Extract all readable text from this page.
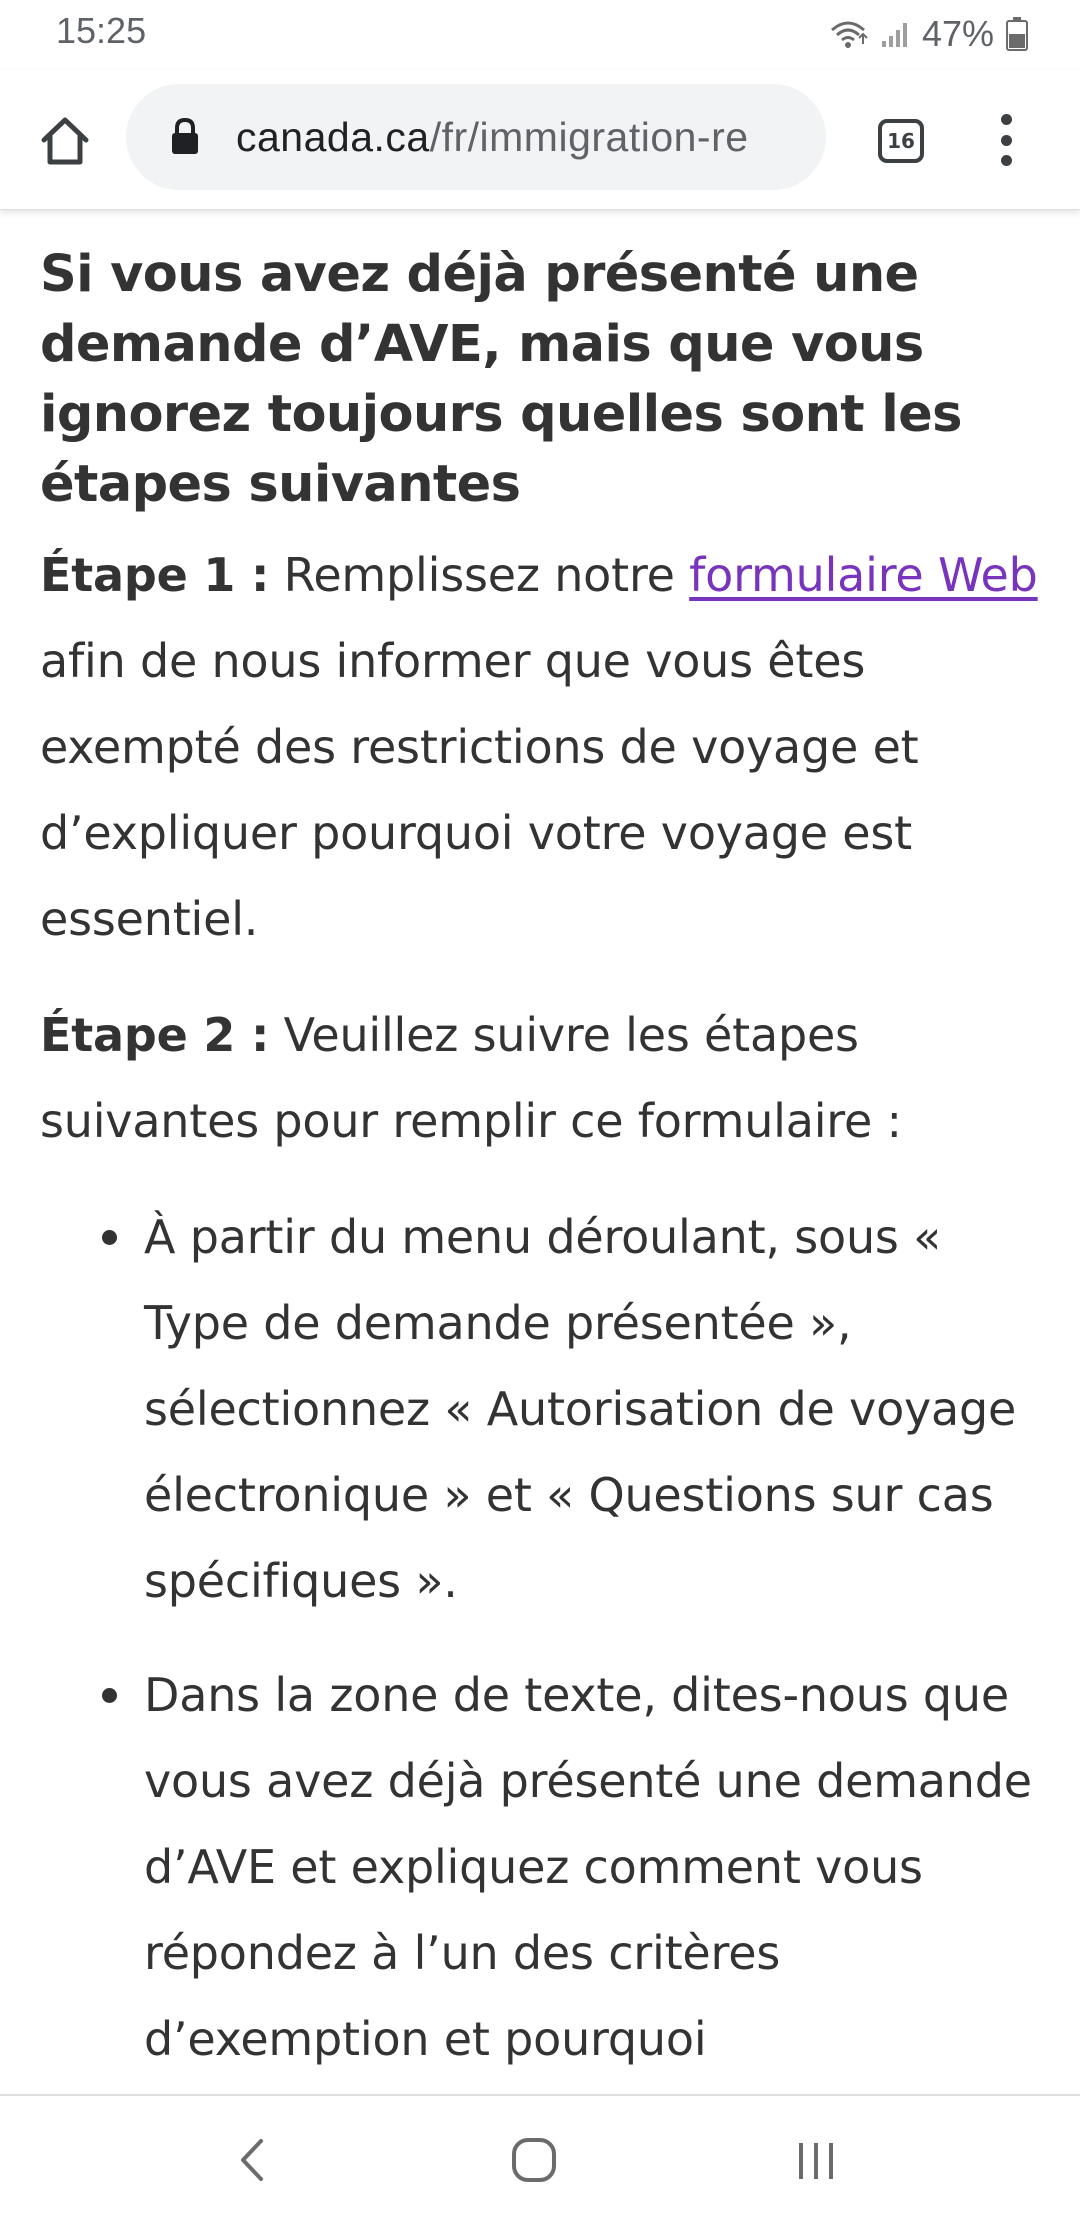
15:25	47%
canada.ca/fr/immigration-re	16
Si vous avez déjà présenté une demande d’AVE, mais que vous ignorez toujours quelles sont les étapes suivantes

Étape 1 : Remplissez notre formulaire Web afin de nous informer que vous êtes exempté des restrictions de voyage et d’expliquer pourquoi votre voyage est essentiel.

Étape 2 : Veuillez suivre les étapes suivantes pour remplir ce formulaire :

À partir du menu déroulant, sous « Type de demande présentée », sélectionnez « Autorisation de voyage électronique » et « Questions sur cas spécifiques ».
Dans la zone de texte, dites-nous que vous avez déjà présenté une demande d’AVE et expliquez comment vous répondez à l’un des critères d’exemption et pourquoi
